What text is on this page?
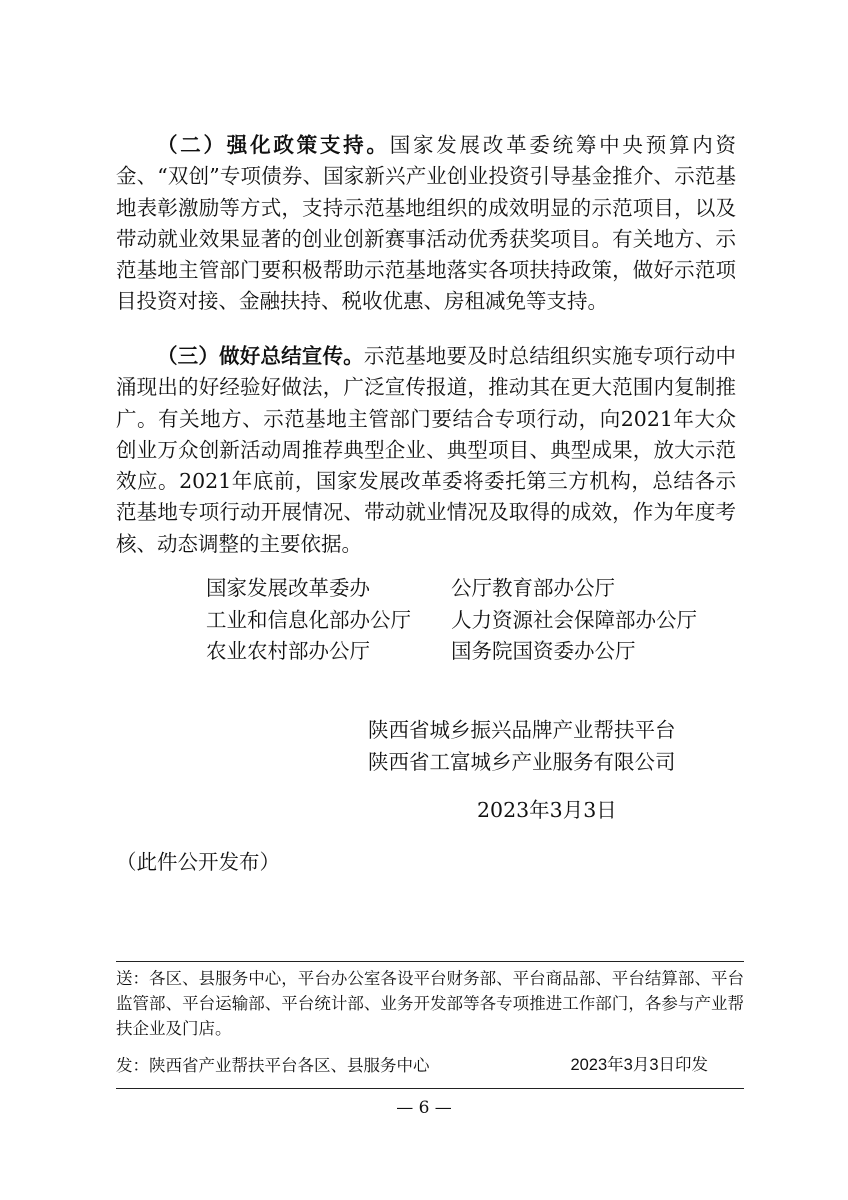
（二）强化政策支持。国家发展改革委统筹中央预算内资金、“双创”专项债券、国家新兴产业创业投资引导基金推介、示范基地表彰激励等方式，支持示范基地组织的成效明显的示范项目，以及带动就业效果显著的创业创新赛事活动优秀获奖项目。有关地方、示范基地主管部门要积极帮助示范基地落实各项扶持政策，做好示范项目投资对接、金融扶持、税收优惠、房租减免等支持。

（三）做好总结宣传。示范基地要及时总结组织实施专项行动中涌现出的好经验好做法，广泛宣传报道，推动其在更大范围内复制推广。有关地方、示范基地主管部门要结合专项行动，向2021年大众创业万众创新活动周推荐典型企业、典型项目、典型成果，放大示范效应。2021年底前，国家发展改革委将委托第三方机构，总结各示范基地专项行动开展情况、带动就业情况及取得的成效，作为年度考核、动态调整的主要依据。

国家发展改革委办	公厅教育部办公厅
工业和信息化部办公厅	人力资源社会保障部办公厅
农业农村部办公厅	国务院国资委办公厅
陕西省城乡振兴品牌产业帮扶平台
陕西省工富城乡产业服务有限公司
2023年3月3日
（此件公开发布）

送：各区、县服务中心，平台办公室各设平台财务部、平台商品部、平台结算部、平台监管部、平台运输部、平台统计部、业务开发部等各专项推进工作部门，各参与产业帮扶企业及门店。

发：陕西省产业帮扶平台各区、县服务中心	2023年3月3日印发
— 6 —
